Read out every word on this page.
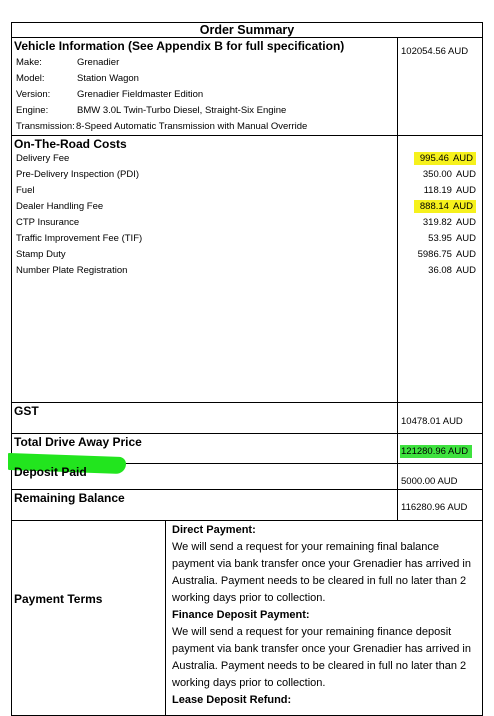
Order Summary
Vehicle Information (See Appendix B for full specification)	102054.56 AUD
Make:	Grenadier
Model:	Station Wagon
Version:	Grenadier Fieldmaster Edition
Engine:	BMW 3.0L Twin-Turbo Diesel, Straight-Six Engine
Transmission: 8-Speed Automatic Transmission with Manual Override
On-The-Road Costs
Delivery Fee	995.46 AUD
Pre-Delivery Inspection (PDI)	350.00 AUD
Fuel	118.19 AUD
Dealer Handling Fee	888.14 AUD
CTP Insurance	319.82 AUD
Traffic Improvement Fee (TIF)	53.95 AUD
Stamp Duty	5986.75 AUD
Number Plate Registration	36.08 AUD
GST
10478.01 AUD
Total Drive Away Price
121280.96 AUD
Deposit Paid
5000.00 AUD
Remaining Balance
116280.96 AUD
Payment Terms
Direct Payment:
We will send a request for your remaining final balance payment via bank transfer once your Grenadier has arrived in Australia. Payment needs to be cleared in full no later than 2 working days prior to collection.
Finance Deposit Payment:
We will send a request for your remaining finance deposit payment via bank transfer once your Grenadier has arrived in Australia. Payment needs to be cleared in full no later than 2 working days prior to collection.
Lease Deposit Refund:
